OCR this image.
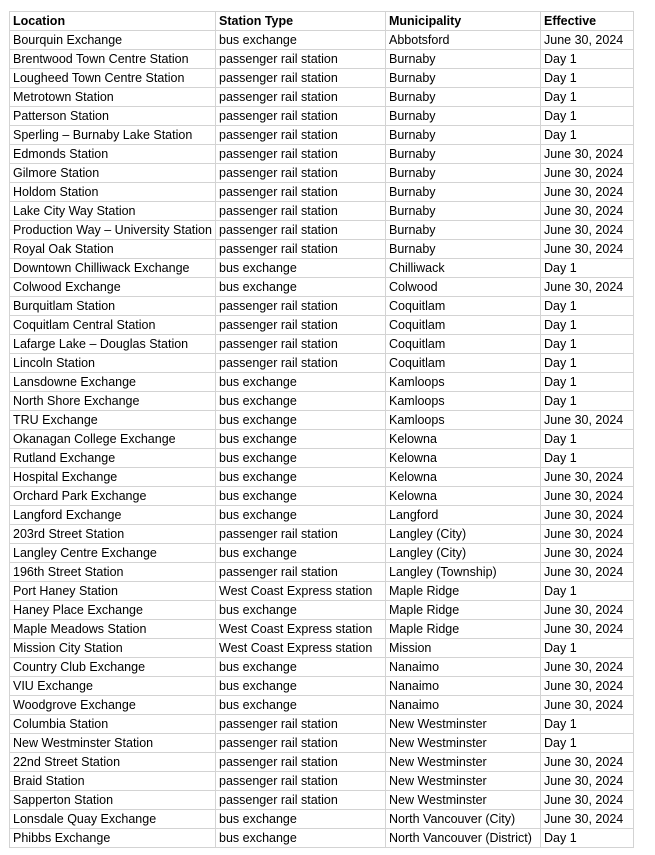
Location	Station Type	Municipality	Effective
Bourquin Exchange	bus exchange	Abbotsford	June 30, 2024
Brentwood Town Centre Station	passenger rail station	Burnaby	Day 1
Lougheed Town Centre Station	passenger rail station	Burnaby	Day 1
Metrotown Station	passenger rail station	Burnaby	Day 1
Patterson Station	passenger rail station	Burnaby	Day 1
Sperling – Burnaby Lake Station	passenger rail station	Burnaby	Day 1
Edmonds Station	passenger rail station	Burnaby	June 30, 2024
Gilmore Station	passenger rail station	Burnaby	June 30, 2024
Holdom Station	passenger rail station	Burnaby	June 30, 2024
Lake City Way Station	passenger rail station	Burnaby	June 30, 2024
Production Way – University Station	passenger rail station	Burnaby	June 30, 2024
Royal Oak Station	passenger rail station	Burnaby	June 30, 2024
Downtown Chilliwack Exchange	bus exchange	Chilliwack	Day 1
Colwood Exchange	bus exchange	Colwood	June 30, 2024
Burquitlam Station	passenger rail station	Coquitlam	Day 1
Coquitlam Central Station	passenger rail station	Coquitlam	Day 1
Lafarge Lake – Douglas Station	passenger rail station	Coquitlam	Day 1
Lincoln Station	passenger rail station	Coquitlam	Day 1
Lansdowne Exchange	bus exchange	Kamloops	Day 1
North Shore Exchange	bus exchange	Kamloops	Day 1
TRU Exchange	bus exchange	Kamloops	June 30, 2024
Okanagan College Exchange	bus exchange	Kelowna	Day 1
Rutland Exchange	bus exchange	Kelowna	Day 1
Hospital Exchange	bus exchange	Kelowna	June 30, 2024
Orchard Park Exchange	bus exchange	Kelowna	June 30, 2024
Langford Exchange	bus exchange	Langford	June 30, 2024
203rd Street Station	passenger rail station	Langley (City)	June 30, 2024
Langley Centre Exchange	bus exchange	Langley (City)	June 30, 2024
196th Street Station	passenger rail station	Langley (Township)	June 30, 2024
Port Haney Station	West Coast Express station	Maple Ridge	Day 1
Haney Place Exchange	bus exchange	Maple Ridge	June 30, 2024
Maple Meadows Station	West Coast Express station	Maple Ridge	June 30, 2024
Mission City Station	West Coast Express station	Mission	Day 1
Country Club Exchange	bus exchange	Nanaimo	June 30, 2024
VIU Exchange	bus exchange	Nanaimo	June 30, 2024
Woodgrove Exchange	bus exchange	Nanaimo	June 30, 2024
Columbia Station	passenger rail station	New Westminster	Day 1
New Westminster Station	passenger rail station	New Westminster	Day 1
22nd Street Station	passenger rail station	New Westminster	June 30, 2024
Braid Station	passenger rail station	New Westminster	June 30, 2024
Sapperton Station	passenger rail station	New Westminster	June 30, 2024
Lonsdale Quay Exchange	bus exchange	North Vancouver (City)	June 30, 2024
Phibbs Exchange	bus exchange	North Vancouver (District)	Day 1
